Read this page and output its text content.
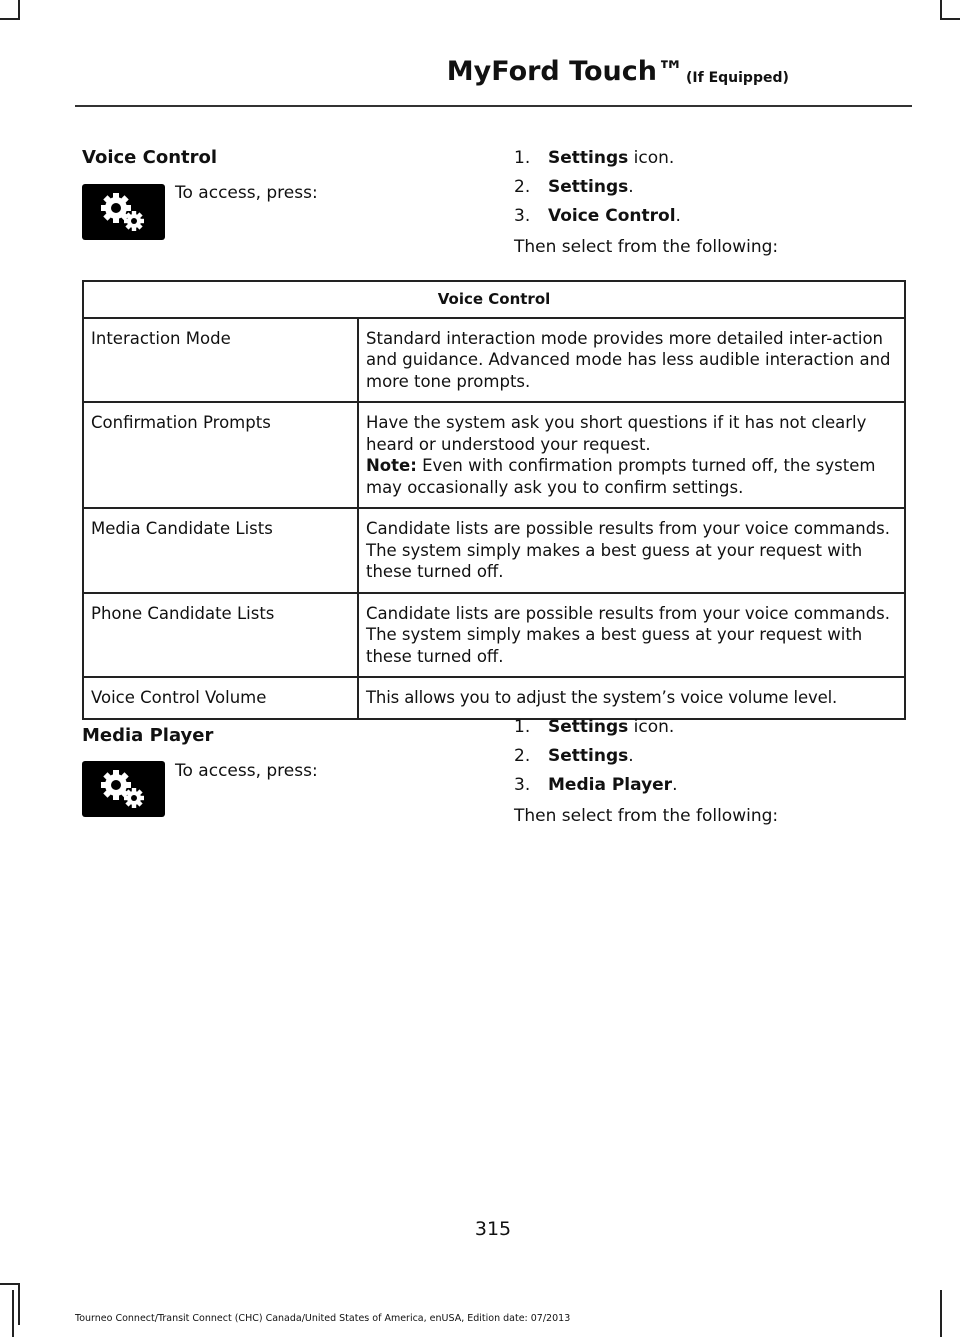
MyFord Touch™ (If Equipped)
Voice Control
To access, press:
1. Settings icon.
2. Settings.
3. Voice Control.
Then select from the following:
Voice Control	
Interaction Mode	Standard interaction mode provides more detailed inter-action and guidance. Advanced mode has less audible interaction and more tone prompts.
Confirmation Prompts	Have the system ask you short questions if it has not clearly heard or understood your request.
Note: Even with confirmation prompts turned off, the system may occasionally ask you to confirm settings.
Media Candidate Lists	Candidate lists are possible results from your voice commands. The system simply makes a best guess at your request with these turned off.
Phone Candidate Lists	Candidate lists are possible results from your voice commands. The system simply makes a best guess at your request with these turned off.
Voice Control Volume	This allows you to adjust the system’s voice volume level.
Media Player
To access, press:
1. Settings icon.
2. Settings.
3. Media Player.
Then select from the following:
315
Tourneo Connect/Transit Connect (CHC) Canada/United States of America, enUSA, Edition date: 07/2013
